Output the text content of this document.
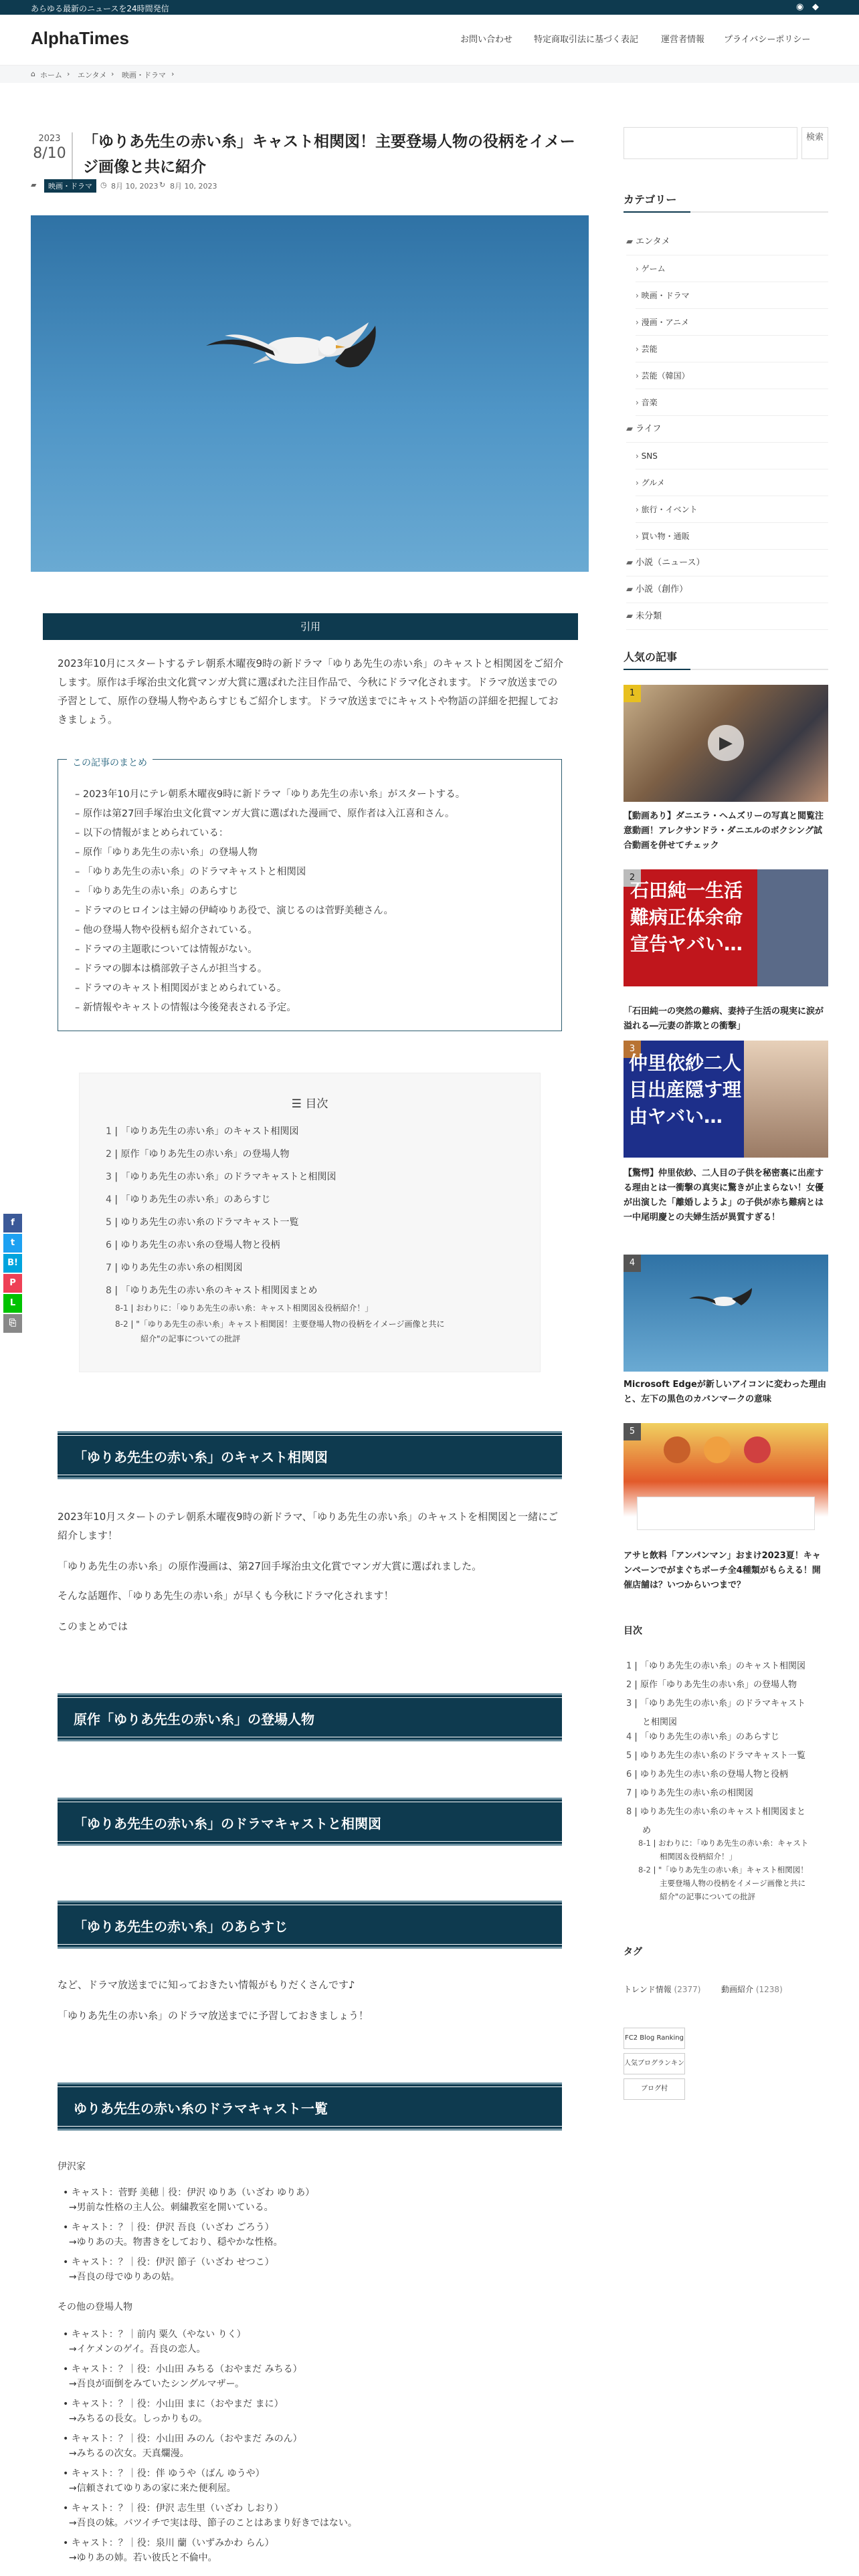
あらゆる最新のニュースを24時間発信	◉ ◆
AlphaTimes	お問い合わせ 特定商取引法に基づく表記	運営者情報 プライバシーポリシー
⌂ ホーム › エンタメ › 映画・ドラマ ›
2023
8/10
「ゆりあ先生の赤い糸」キャスト相関図！主要登場人物の役柄をイメージ画像と共に紹介
▰	映画・ドラマ	◷ 8月 10, 2023 ↻ 8月 10, 2023
引用

2023年10月にスタートするテレ朝系木曜夜9時の新ドラマ「ゆりあ先生の赤い糸」のキャストと相関図をご紹介します。原作は手塚治虫文化賞マンガ大賞に選ばれた注目作品で、今秋にドラマ化されます。ドラマ放送までの予習として、原作の登場人物やあらすじもご紹介します。ドラマ放送までにキャストや物語の詳細を把握しておきましょう。

この記事のまとめ
– 2023年10月にテレ朝系木曜夜9時に新ドラマ「ゆりあ先生の赤い糸」がスタートする。
– 原作は第27回手塚治虫文化賞マンガ大賞に選ばれた漫画で、原作者は入江喜和さん。
– 以下の情報がまとめられている：
– 原作「ゆりあ先生の赤い糸」の登場人物
– 「ゆりあ先生の赤い糸」のドラマキャストと相関図
– 「ゆりあ先生の赤い糸」のあらすじ
– ドラマのヒロインは主婦の伊崎ゆりあ役で、演じるのは菅野美穂さん。
– 他の登場人物や役柄も紹介されている。
– ドラマの主題歌については情報がない。
– ドラマの脚本は橋部敦子さんが担当する。
– ドラマのキャスト相関図がまとめられている。
– 新情報やキャストの情報は今後発表される予定。
☰ 目次
1 | 「ゆりあ先生の赤い糸」のキャスト相関図
2 | 原作「ゆりあ先生の赤い糸」の登場人物
3 | 「ゆりあ先生の赤い糸」のドラマキャストと相関図
4 | 「ゆりあ先生の赤い糸」のあらすじ
5 | ゆりあ先生の赤い糸のドラマキャスト一覧
6 | ゆりあ先生の赤い糸の登場人物と役柄
7 | ゆりあ先生の赤い糸の相関図
8 | 「ゆりあ先生の赤い糸のキャスト相関図まとめ
8-1 | おわりに：「ゆりあ先生の赤い糸：キャスト相関図＆役柄紹介！」
8-2 | "「ゆりあ先生の赤い糸」キャスト相関図！主要登場人物の役柄をイメージ画像と共に
紹介"の記事についての批評
「ゆりあ先生の赤い糸」のキャスト相関図

2023年10月スタートのテレ朝系木曜夜9時の新ドラマ、「ゆりあ先生の赤い糸」のキャストを相関図と一緒にご紹介します！

「ゆりあ先生の赤い糸」の原作漫画は、第27回手塚治虫文化賞でマンガ大賞に選ばれました。

そんな話題作、「ゆりあ先生の赤い糸」が早くも今秋にドラマ化されます！

このまとめでは

原作「ゆりあ先生の赤い糸」の登場人物
「ゆりあ先生の赤い糸」のドラマキャストと相関図
「ゆりあ先生の赤い糸」のあらすじ

など、ドラマ放送までに知っておきたい情報がもりだくさんです♪

「ゆりあ先生の赤い糸」のドラマ放送までに予習しておきましょう！

ゆりあ先生の赤い糸のドラマキャスト一覧

伊沢家

• キャスト：菅野 美穂｜役：伊沢 ゆりあ（いざわ ゆりあ）
→男前な性格の主人公。刺繍教室を開いている。
• キャスト：？｜役：伊沢 吾良（いざわ ごろう）
→ゆりあの夫。物書きをしており、穏やかな性格。
• キャスト：？｜役：伊沢 節子（いざわ せつこ）
→吾良の母でゆりあの姑。

その他の登場人物

• キャスト：？｜前内 粟久（やない りく）
→イケメンのゲイ。吾良の恋人。
• キャスト：？｜役：小山田 みちる（おやまだ みちる）
→吾良が面倒をみていたシングルマザー。
• キャスト：？｜役：小山田 まに（おやまだ まに）
→みちるの長女。しっかりもの。
• キャスト：？｜役：小山田 みのん（おやまだ みのん）
→みちるの次女。天真爛漫。
• キャスト：？｜役：伴 ゆうや（ばん ゆうや）
→信頼されてゆりあの家に来た便利屋。
• キャスト：？｜役：伊沢 志生里（いざわ しおり）
→吾良の妹。バツイチで実は母、節子のことはあまり好きではない。
• キャスト：？｜役：泉川 蘭（いずみかわ らん）
→ゆりあの姉。若い彼氏と不倫中。
f
t
B!
P
L
⎘
検索
カテゴリー
▰ エンタメ
› ゲーム
› 映画・ドラマ
› 漫画・アニメ
› 芸能
› 芸能（韓国）
› 音楽
▰ ライフ
› SNS
› グルメ
› 旅行・イベント
› 買い物・通販
▰ 小説（ニュース）
▰ 小説（創作）
▰ 未分類
人気の記事
1
▶
【動画あり】ダニエラ・ヘムズリーの写真と閲覧注意動画！アレクサンドラ・ダニエルのボクシング試合動画を併せてチェック
2
石田純一生活難病正体余命宣告ヤバい…
「石田純一の突然の難病、妻持子生活の現実に涙が溢れる―元妻の詐欺との衝撃」
3
仲里依紗二人目出産隠す理由ヤバい…
【驚愕】仲里依紗、二人目の子供を秘密裏に出産する理由とは一衝撃の真実に驚きが止まらない！女優が出演した「離婚しようよ」の子供が赤ち難病とは一中尾明慶との夫婦生活が異質すぎる！
4
Microsoft Edgeが新しいアイコンに変わった理由と、左下の黒色のカバンマークの意味
5
アサヒ飲料「アンパンマン」おまけ2023夏！キャンペーンでがまぐちポーチ全4種類がもらえる！開催店舗は？いつからいつまで？
目次
1 | 「ゆりあ先生の赤い糸」のキャスト相関図
2 | 原作「ゆりあ先生の赤い糸」の登場人物
3 | 「ゆりあ先生の赤い糸」のドラマキャスト
と相関図
4 | 「ゆりあ先生の赤い糸」のあらすじ
5 | ゆりあ先生の赤い糸のドラマキャスト一覧
6 | ゆりあ先生の赤い糸の登場人物と役柄
7 | ゆりあ先生の赤い糸の相関図
8 | ゆりあ先生の赤い糸のキャスト相関図まと
め
8-1 | おわりに：「ゆりあ先生の赤い糸：キャスト
相関図＆役柄紹介！」
8-2 | "「ゆりあ先生の赤い糸」キャスト相関図！
主要登場人物の役柄をイメージ画像と共に
紹介"の記事についての批評
タグ
トレンド情報 (2377)	動画紹介 (1238)
FC2 Blog Ranking
人気ブログランキン
ブログ村
